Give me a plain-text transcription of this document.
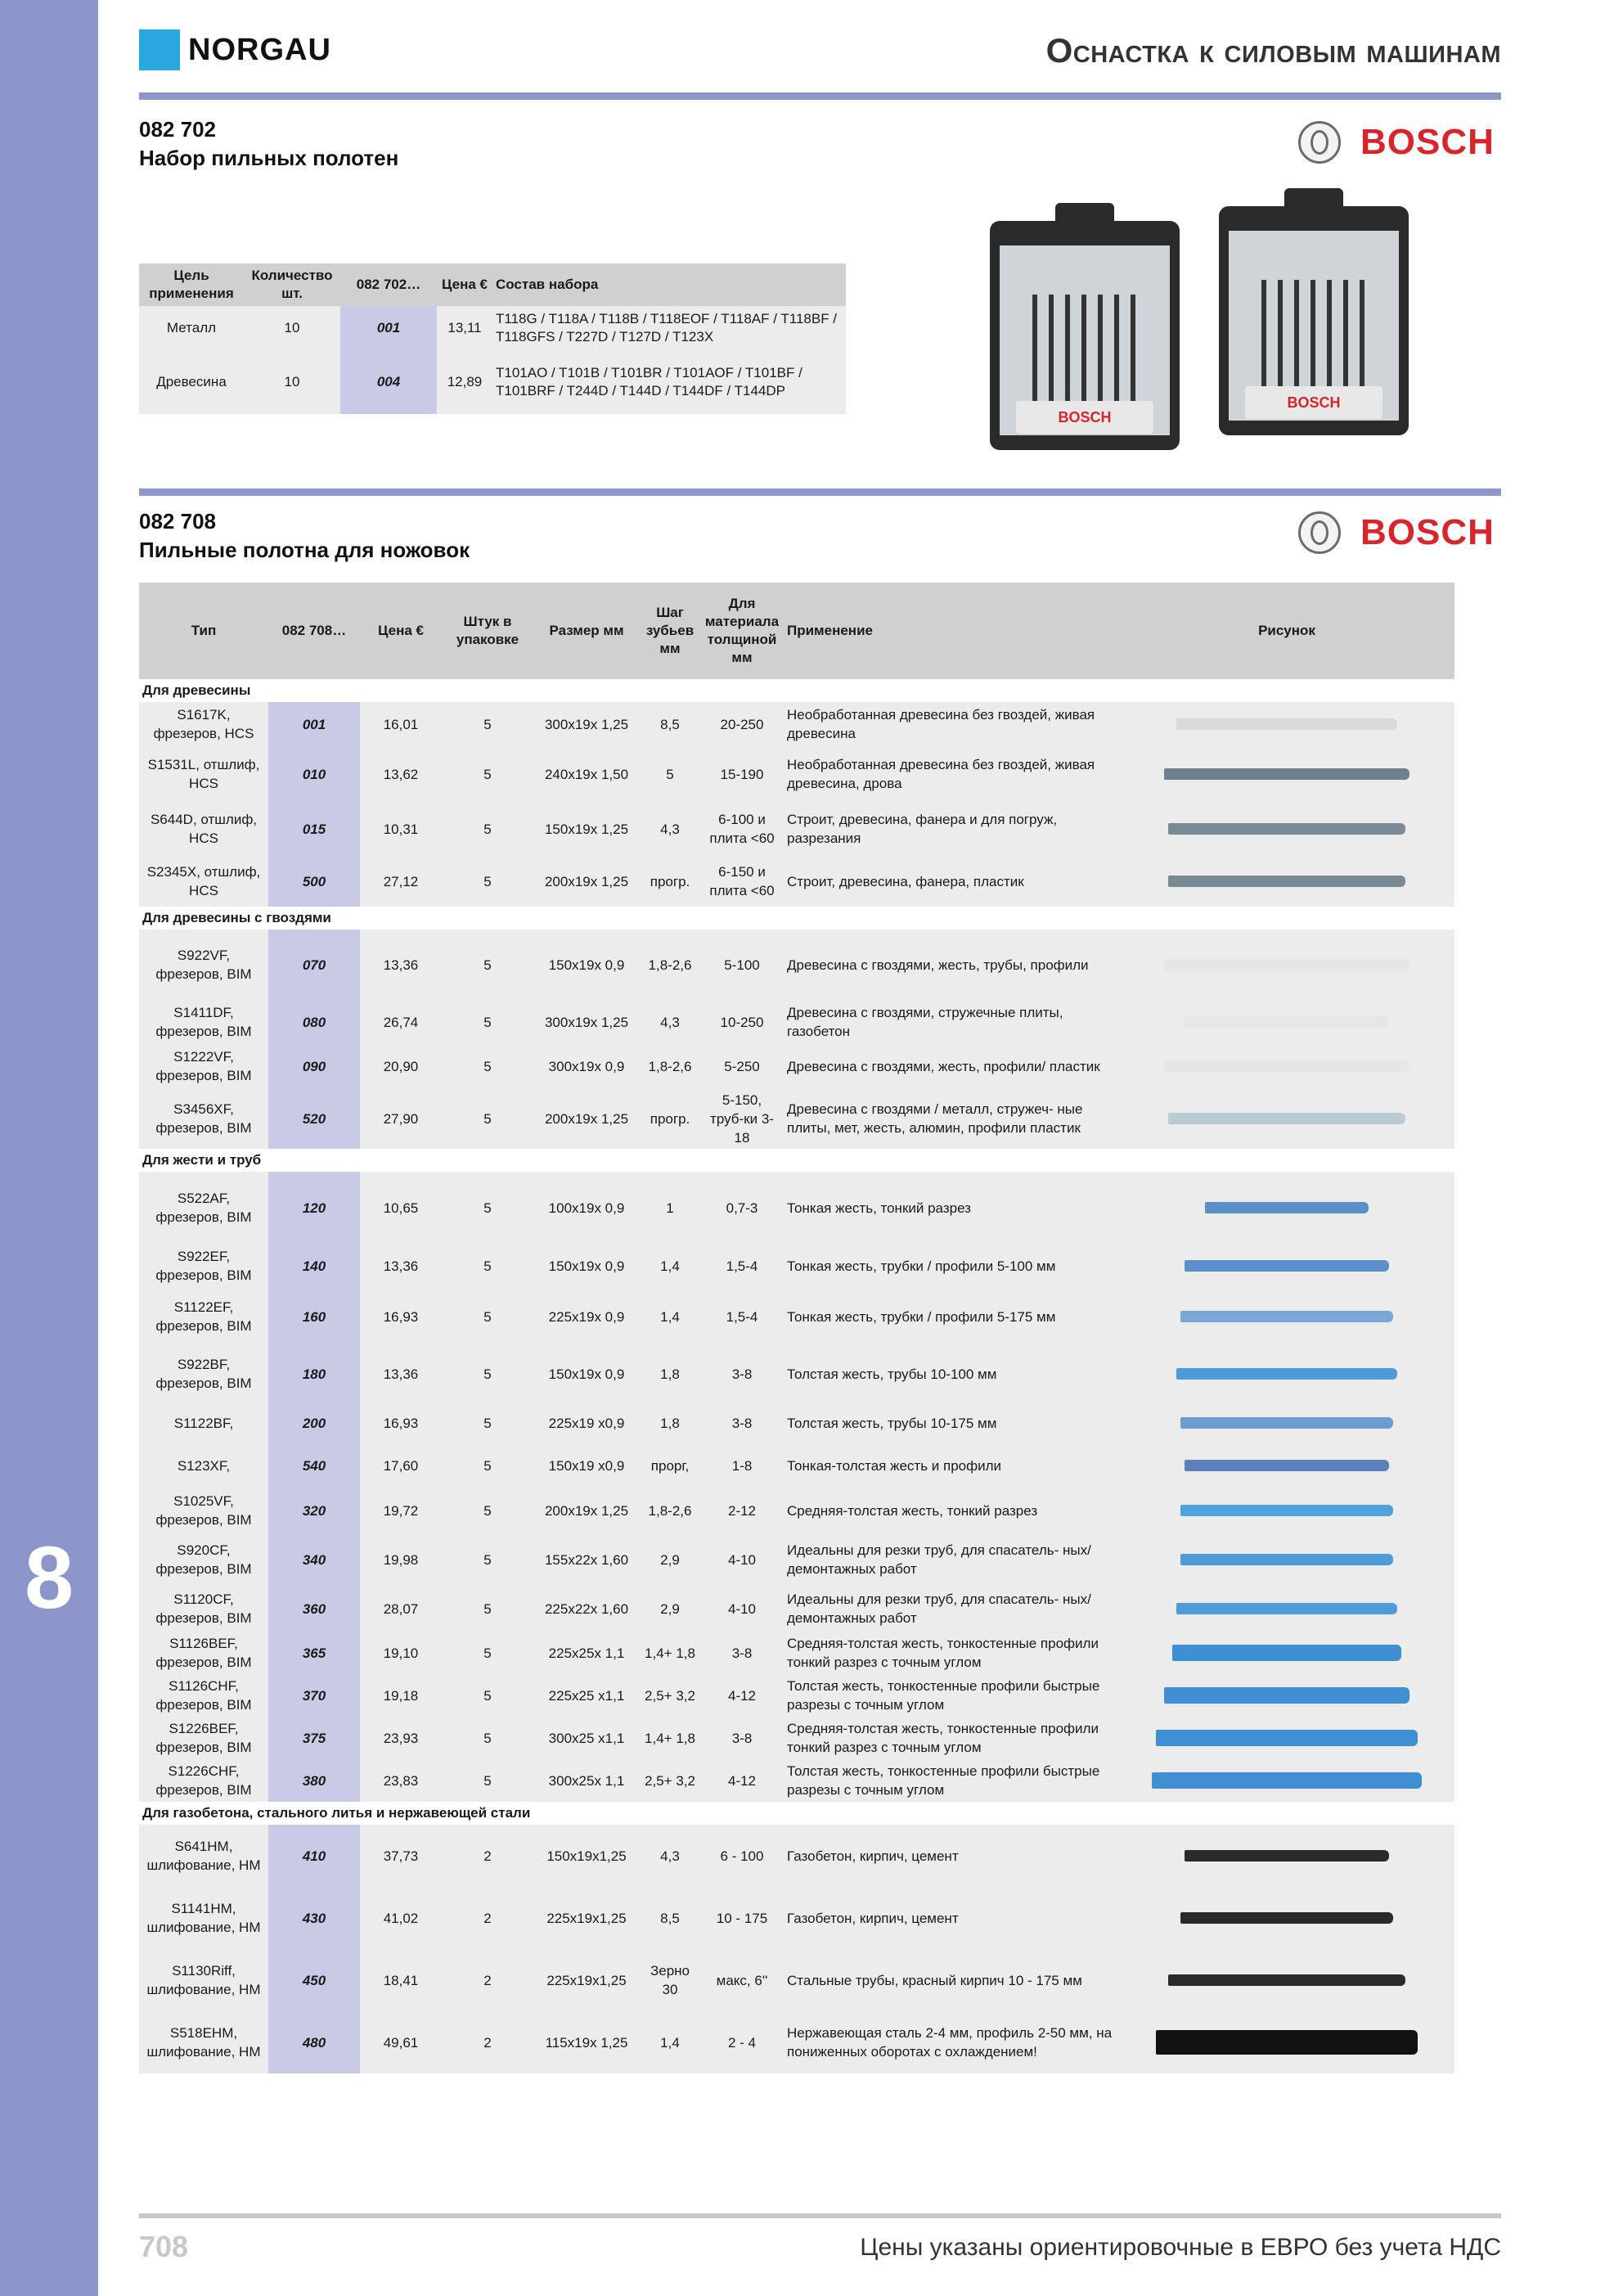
8
NORGAU	Оснастка к силовым машинам
082 702
Набор пильных полотен	BOSCH
Цель применения	Количество шт.	082 702…	Цена €	Состав набора
Металл	10	001	13,11	T118G / T118A / T118B / T118EOF / T118AF / T118BF / T118GFS / T227D / T127D / T123X
Древесина	10	004	12,89	T101AO / T101B / T101BR / T101AOF / T101BF / T101BRF / T244D / T144D / T144DF / T144DP
BOSCH
BOSCH
082 708
Пильные полотна для ножовок	BOSCH
Тип	082 708…	Цена €	Штук в упаковке	Размер мм	Шаг зубьев мм	Для материала толщиной мм	Применение	Рисунок
Для древесины								
S1617K, фрезеров, HCS	001	16,01	5	300x19x 1,25	8,5	20-250	Необработанная древесина без гвоздей, живая древесина	

S1531L, отшлиф, HCS	010	13,62	5	240x19x 1,50	5	15-190	Необработанная древесина без гвоздей, живая древесина, дрова	

S644D, отшлиф, HCS	015	10,31	5	150x19x 1,25	4,3	6-100 и плита <60	Строит, древесина, фанера и для погруж, разрезания	

S2345X, отшлиф, HCS	500	27,12	5	200x19x 1,25	прогр.	6-150 и плита <60	Строит, древесина, фанера, пластик	

Для древесины с гвоздями								
S922VF, фрезеров, BIM	070	13,36	5	150x19x 0,9	1,8-2,6	5-100	Древесина с гвоздями, жесть, трубы, профили	

S1411DF, фрезеров, BIM	080	26,74	5	300x19x 1,25	4,3	10-250	Древесина с гвоздями, стружечные плиты, газобетон	

S1222VF, фрезеров, BIM	090	20,90	5	300x19x 0,9	1,8-2,6	5-250	Древесина с гвоздями, жесть, профили/ пластик	

S3456XF, фрезеров, BIM	520	27,90	5	200x19x 1,25	прогр.	5-150, труб-ки 3-18	Древесина с гвоздями / металл, стружеч- ные плиты, мет, жесть, алюмин, профили пластик	

Для жести и труб								
S522AF, фрезеров, BIM	120	10,65	5	100x19x 0,9	1	0,7-3	Тонкая жесть, тонкий разрез	

S922EF, фрезеров, BIM	140	13,36	5	150x19x 0,9	1,4	1,5-4	Тонкая жесть, трубки / профили 5-100 мм	

S1122EF, фрезеров, BIM	160	16,93	5	225x19x 0,9	1,4	1,5-4	Тонкая жесть, трубки / профили 5-175 мм	

S922BF, фрезеров, BIM	180	13,36	5	150x19x 0,9	1,8	3-8	Толстая жесть, трубы 10-100 мм	

S1122BF,	200	16,93	5	225x19 x0,9	1,8	3-8	Толстая жесть, трубы 10-175 мм	

S123XF,	540	17,60	5	150x19 x0,9	прорг,	1-8	Тонкая-толстая жесть и профили	

S1025VF, фрезеров, BIM	320	19,72	5	200x19x 1,25	1,8-2,6	2-12	Средняя-толстая жесть, тонкий разрез	

S920CF, фрезеров, BIM	340	19,98	5	155x22x 1,60	2,9	4-10	Идеальны для резки труб, для спасатель- ных/демонтажных работ	

S1120CF, фрезеров, BIM	360	28,07	5	225x22x 1,60	2,9	4-10	Идеальны для резки труб, для спасатель- ных/демонтажных работ	

S1126BEF, фрезеров, BIM	365	19,10	5	225x25x 1,1	1,4+ 1,8	3-8	Средняя-толстая жесть, тонкостенные профили тонкий разрез с точным углом	

S1126CHF, фрезеров, BIM	370	19,18	5	225x25 x1,1	2,5+ 3,2	4-12	Толстая жесть, тонкостенные профили быстрые разрезы с точным углом	

S1226BEF, фрезеров, BIM	375	23,93	5	300x25 x1,1	1,4+ 1,8	3-8	Средняя-толстая жесть, тонкостенные профили тонкий разрез с точным углом	

S1226CHF, фрезеров, BIM	380	23,83	5	300x25x 1,1	2,5+ 3,2	4-12	Толстая жесть, тонкостенные профили быстрые разрезы с точным углом	

Для газобетона, стального литья и нержавеющей стали								
S641HM, шлифование, HM	410	37,73	2	150x19x1,25	4,3	6 - 100	Газобетон, кирпич, цемент	

S1141HM, шлифование, HM	430	41,02	2	225x19x1,25	8,5	10 - 175	Газобетон, кирпич, цемент	

S1130Riff, шлифование, HM	450	18,41	2	225x19x1,25	Зерно 30	макс, 6''	Стальные трубы, красный кирпич 10 - 175 мм	

S518EHM, шлифование, HM	480	49,61	2	115x19x 1,25	1,4	2 - 4	Нержавеющая сталь 2-4 мм, профиль 2-50 мм, на пониженных оборотах с охлаждением!	
708	Цены указаны ориентировочные в ЕВРО без учета НДС
